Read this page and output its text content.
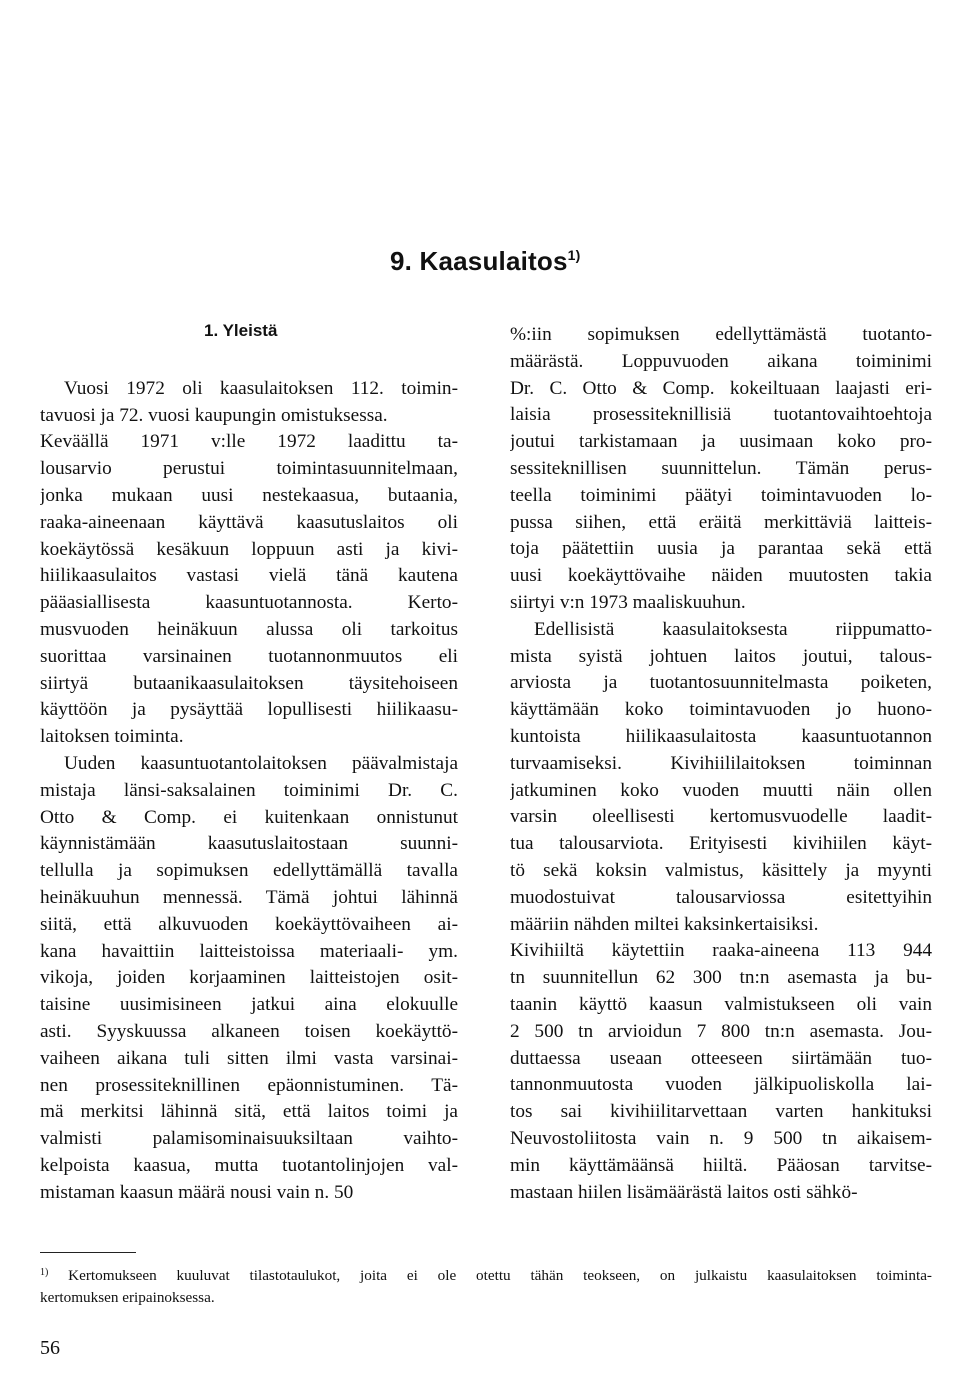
9. Kaasulaitos$^{1)}$
1. Yleistä
Vuosi 1972 oli kaasulaitoksen 112. toimin-
tavuosi ja 72. vuosi kaupungin omistuksessa.
Keväällä 1971 v:lle 1972 laadittu ta-
lousarvio perustui toimintasuunnitelmaan,
jonka mukaan uusi nestekaasua, butaania,
raaka-aineenaan käyttävä kaasutuslaitos oli
koekäytössä kesäkuun loppuun asti ja kivi-
hiilikaasulaitos vastasi vielä tänä kautena
pääasiallisesta kaasuntuotannosta. Kerto-
musvuoden heinäkuun alussa oli tarkoitus
suorittaa varsinainen tuotannonmuutos eli
siirtyä butaanikaasulaitoksen täysitehoiseen
käyttöön ja pysäyttää lopullisesti hiilikaasu-
laitoksen toiminta.
Uuden kaasuntuotantolaitoksen päävalmistaja
mistaja länsi-saksalainen toiminimi Dr. C.
Otto & Comp. ei kuitenkaan onnistunut
käynnistämään kaasutuslaitostaan suunni-
tellulla ja sopimuksen edellyttämällä tavalla
heinäkuuhun mennessä. Tämä johtui lähinnä
siitä, että alkuvuoden koekäyttövaiheen ai-
kana havaittiin laitteistoissa materiaali- ym.
vikoja, joiden korjaaminen laitteistojen osit-
taisine uusimisineen jatkui aina elokuulle
asti. Syyskuussa alkaneen toisen koekäyttö-
vaiheen aikana tuli sitten ilmi vasta varsinai-
nen prosessiteknillinen epäonnistuminen. Tä-
mä merkitsi lähinnä sitä, että laitos toimi ja
valmisti palamisominaisuuksiltaan vaihto-
kelpoista kaasua, mutta tuotantolinjojen val-
mistaman kaasun määrä nousi vain n. 50
%:iin sopimuksen edellyttämästä tuotanto-
määrästä. Loppuvuoden aikana toiminimi
Dr. C. Otto & Comp. kokeiltuaan laajasti eri-
laisia prosessiteknillisiä tuotantovaihtoehtoja
joutui tarkistamaan ja uusimaan koko pro-
sessiteknillisen suunnittelun. Tämän perus-
teella toiminimi päätyi toimintavuoden lo-
pussa siihen, että eräitä merkittäviä laitteis-
toja päätettiin uusia ja parantaa sekä että
uusi koekäyttövaihe näiden muutosten takia
siirtyi v:n 1973 maaliskuuhun.
Edellisistä kaasulaitoksesta riippumatto-
mista syistä johtuen laitos joutui, talous-
arviosta ja tuotantosuunnitelmasta poiketen,
käyttämään koko toimintavuoden jo huono-
kuntoista hiilikaasulaitosta kaasuntuotannon
turvaamiseksi. Kivihiililaitoksen toiminnan
jatkuminen koko vuoden muutti näin ollen
varsin oleellisesti kertomusvuodelle laadit-
tua talousarviota. Erityisesti kivihiilen käyt-
tö sekä koksin valmistus, käsittely ja myynti
muodostuivat talousarviossa esitettyihin
määriin nähden miltei kaksinkertaisiksi.
Kivihiiltä käytettiin raaka-aineena 113 944
tn suunnitellun 62 300 tn:n asemasta ja bu-
taanin käyttö kaasun valmistukseen oli vain
2 500 tn arvioidun 7 800 tn:n asemasta. Jou-
duttaessa useaan otteeseen siirtämään tuo-
tannonmuutosta vuoden jälkipuoliskolla lai-
tos sai kivihiilitarvettaan varten hankituksi
Neuvostoliitosta vain n. 9 500 tn aikaisem-
min käyttämäänsä hiiltä. Pääosan tarvitse-
mastaan hiilen lisämäärästä laitos osti sähkö-
$^{1)}$ Kertomukseen kuuluvat tilastotaulukot, joita ei ole otettu tähän teokseen, on julkaistu kaasulaitoksen toiminta-
kertomuksen eripainoksessa.
56
